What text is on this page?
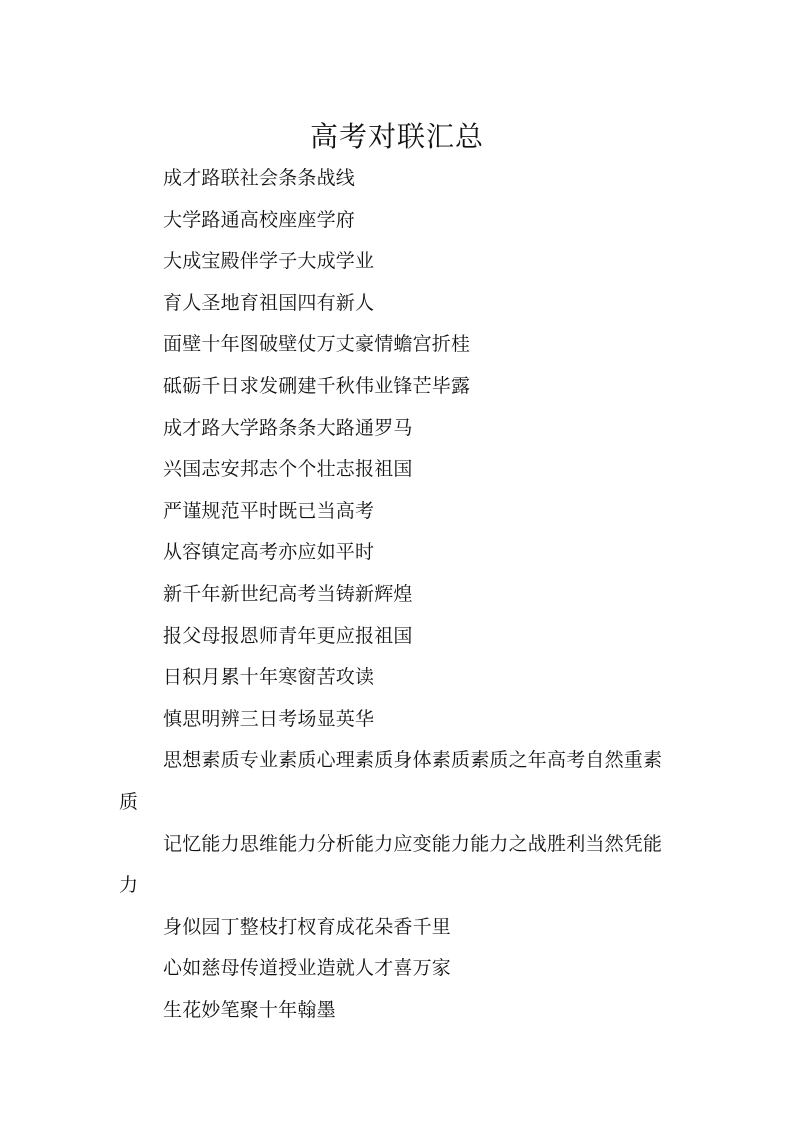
高考对联汇总
成才路联社会条条战线
大学路通高校座座学府
大成宝殿伴学子大成学业
育人圣地育祖国四有新人
面壁十年图破壁仗万丈豪情蟾宫折桂
砥砺千日求发硎建千秋伟业锋芒毕露
成才路大学路条条大路通罗马
兴国志安邦志个个壮志报祖国
严谨规范平时既已当高考
从容镇定高考亦应如平时
新千年新世纪高考当铸新辉煌
报父母报恩师青年更应报祖国
日积月累十年寒窗苦攻读
慎思明辨三日考场显英华
思想素质专业素质心理素质身体素质素质之年高考自然重素质
记忆能力思维能力分析能力应变能力能力之战胜利当然凭能力
身似园丁整枝打杈育成花朵香千里
心如慈母传道授业造就人才喜万家
生花妙笔聚十年翰墨
